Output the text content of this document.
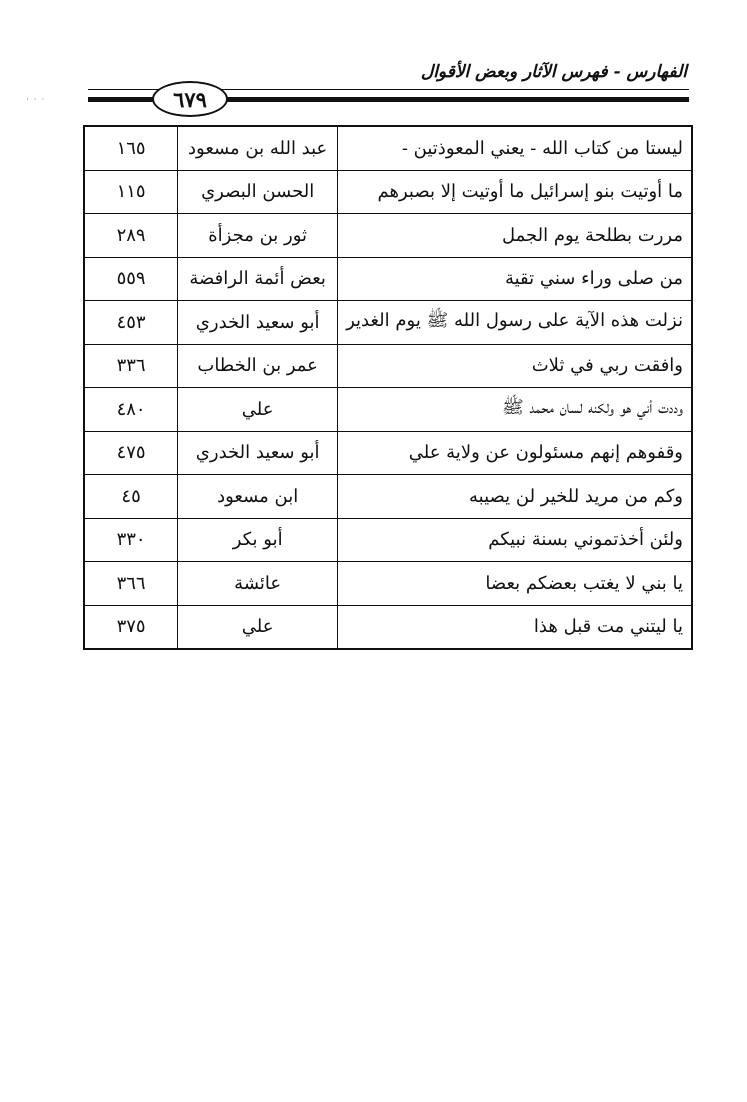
الفهارس - فهرس الآثار وبعض الأقوال
٦٧٩
· · ·
ليستا من كتاب الله - يعني المعوذتين -	عبد الله بن مسعود	١٦٥
ما أوتيت بنو إسرائيل ما أوتيت إلا بصبرهم	الحسن البصري	١١٥
مررت بطلحة يوم الجمل	ثور بن مجزأة	٢٨٩
من صلى وراء سني تقية	بعض أئمة الرافضة	٥٥٩
نزلت هذه الآية على رسول الله ﷺ يوم الغدير	أبو سعيد الخدري	٤٥٣
وافقت ربي في ثلاث	عمر بن الخطاب	٣٣٦
وددت أني هو ولكنه لسان محمد ﷺ	علي	٤٨٠
وقفوهم إنهم مسئولون عن ولاية علي	أبو سعيد الخدري	٤٧٥
وكم من مريد للخير لن يصيبه	ابن مسعود	٤٥
ولئن أخذتموني بسنة نبيكم	أبو بكر	٣٣٠
يا بني لا يغتب بعضكم بعضا	عائشة	٣٦٦
يا ليتني مت قبل هذا	علي	٣٧٥
